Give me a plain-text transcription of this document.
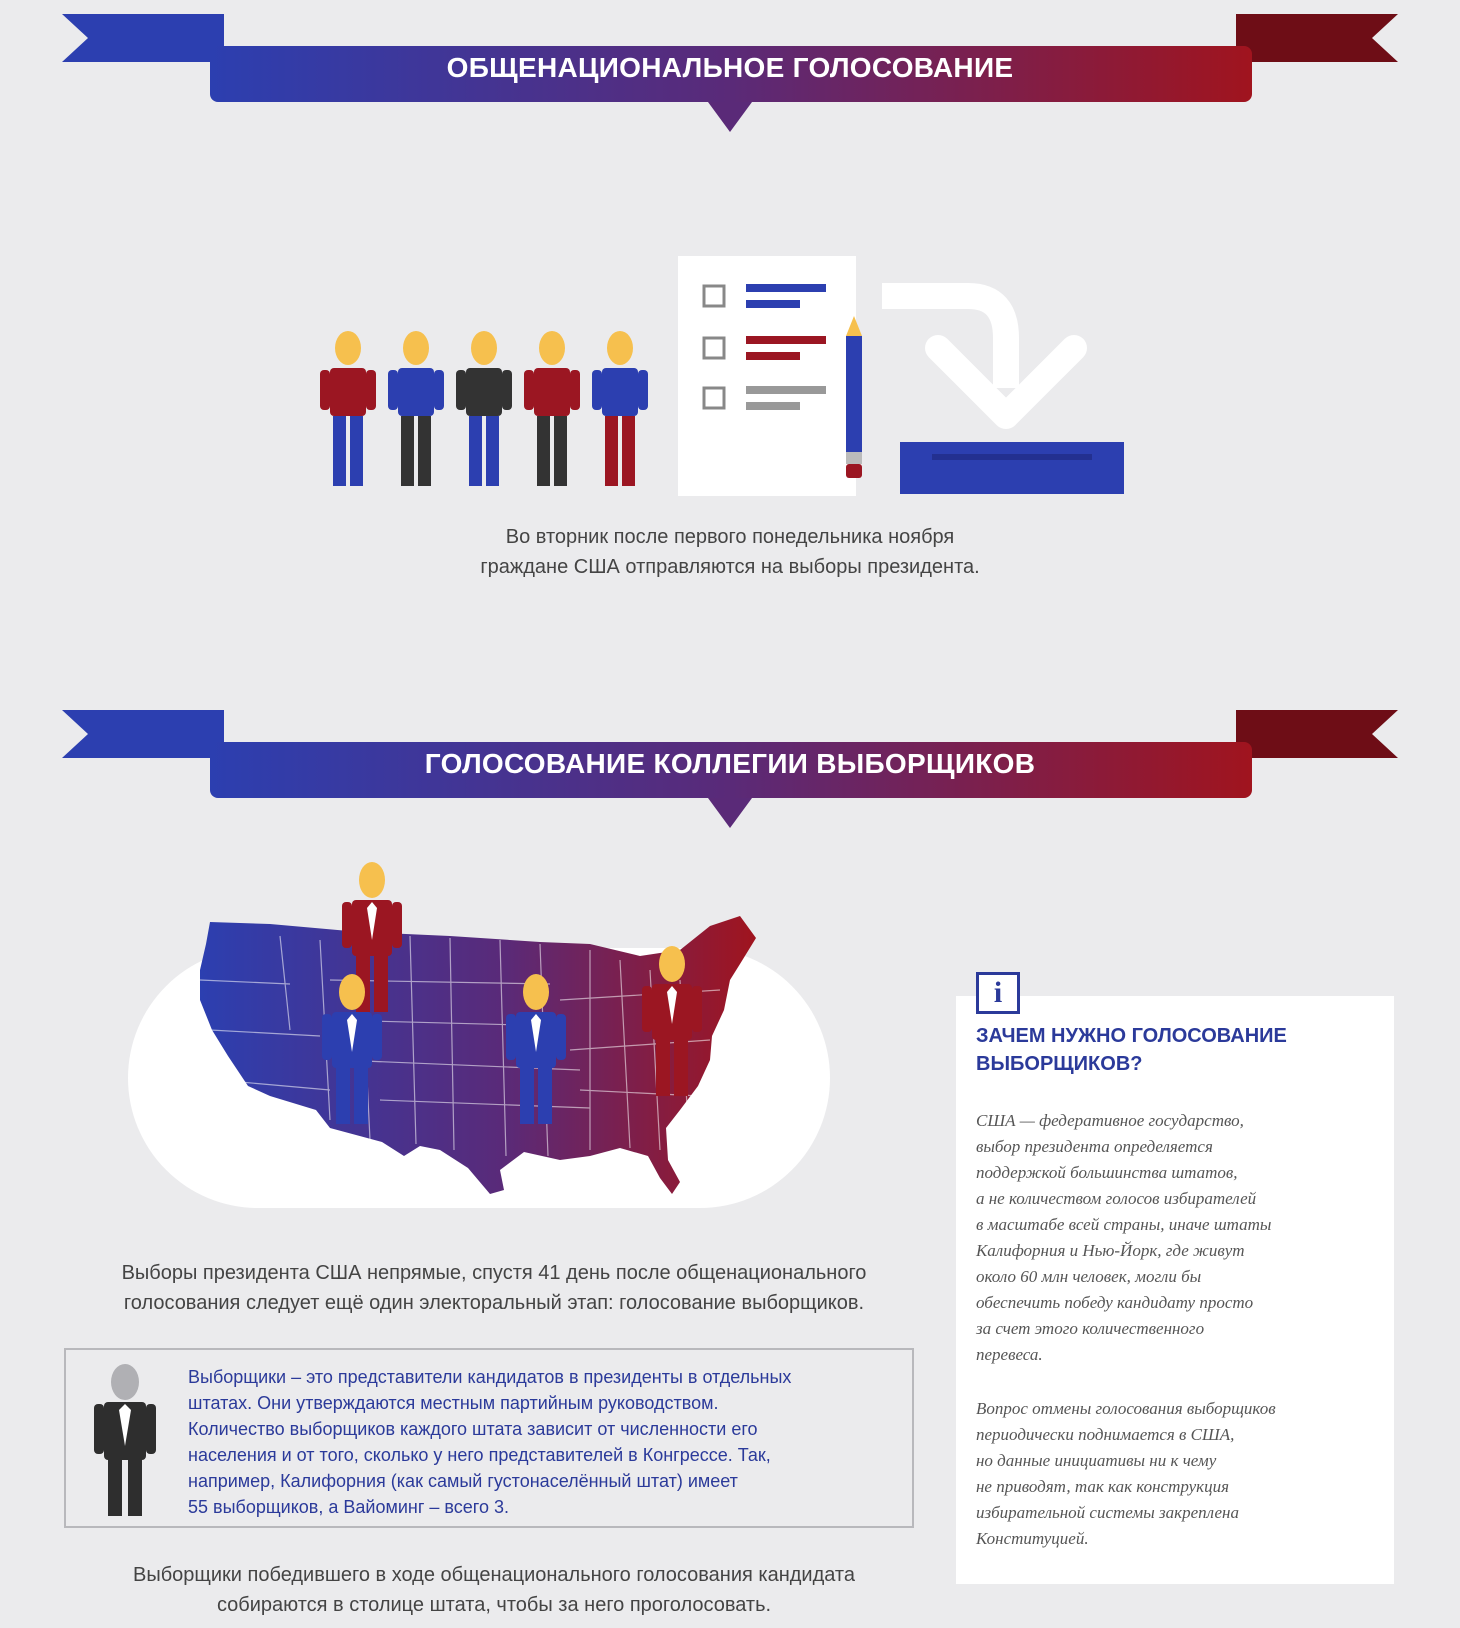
ОБЩЕНАЦИОНАЛЬНОЕ ГОЛОСОВАНИЕ
Во вторник после первого понедельника ноября
граждане США отправляются на выборы президента.
ГОЛОСОВАНИЕ КОЛЛЕГИИ ВЫБОРЩИКОВ
Выборы президента США непрямые, спустя 41 день после общенационального
голосования следует ещё один электоральный этап: голосование выборщиков.
Выборщики – это представители кандидатов в президенты в отдельных
штатах. Они утверждаются местным партийным руководством.
Количество выборщиков каждого штата зависит от численности его
населения и от того, сколько у него представителей в Конгрессе. Так,
например, Калифорния (как самый густонаселённый штат) имеет
55 выборщиков, а Вайоминг – всего 3.
Выборщики победившего в ходе общенационального голосования кандидата
собираются в столице штата, чтобы за него проголосовать.
ЗАЧЕМ НУЖНО ГОЛОСОВАНИЕ
ВЫБОРЩИКОВ?
США — федеративное государство,
выбор президента определяется
поддержкой большинства штатов,
а не количеством голосов избирателей
в масштабе всей страны, иначе штаты
Калифорния и Нью-Йорк, где живут
около 60 млн человек, могли бы
обеспечить победу кандидату просто
за счет этого количественного
перевеса.
Вопрос отмены голосования выборщиков
периодически поднимается в США,
но данные инициативы ни к чему
не приводят, так как конструкция
избирательной системы закреплена
Конституцией.
i
